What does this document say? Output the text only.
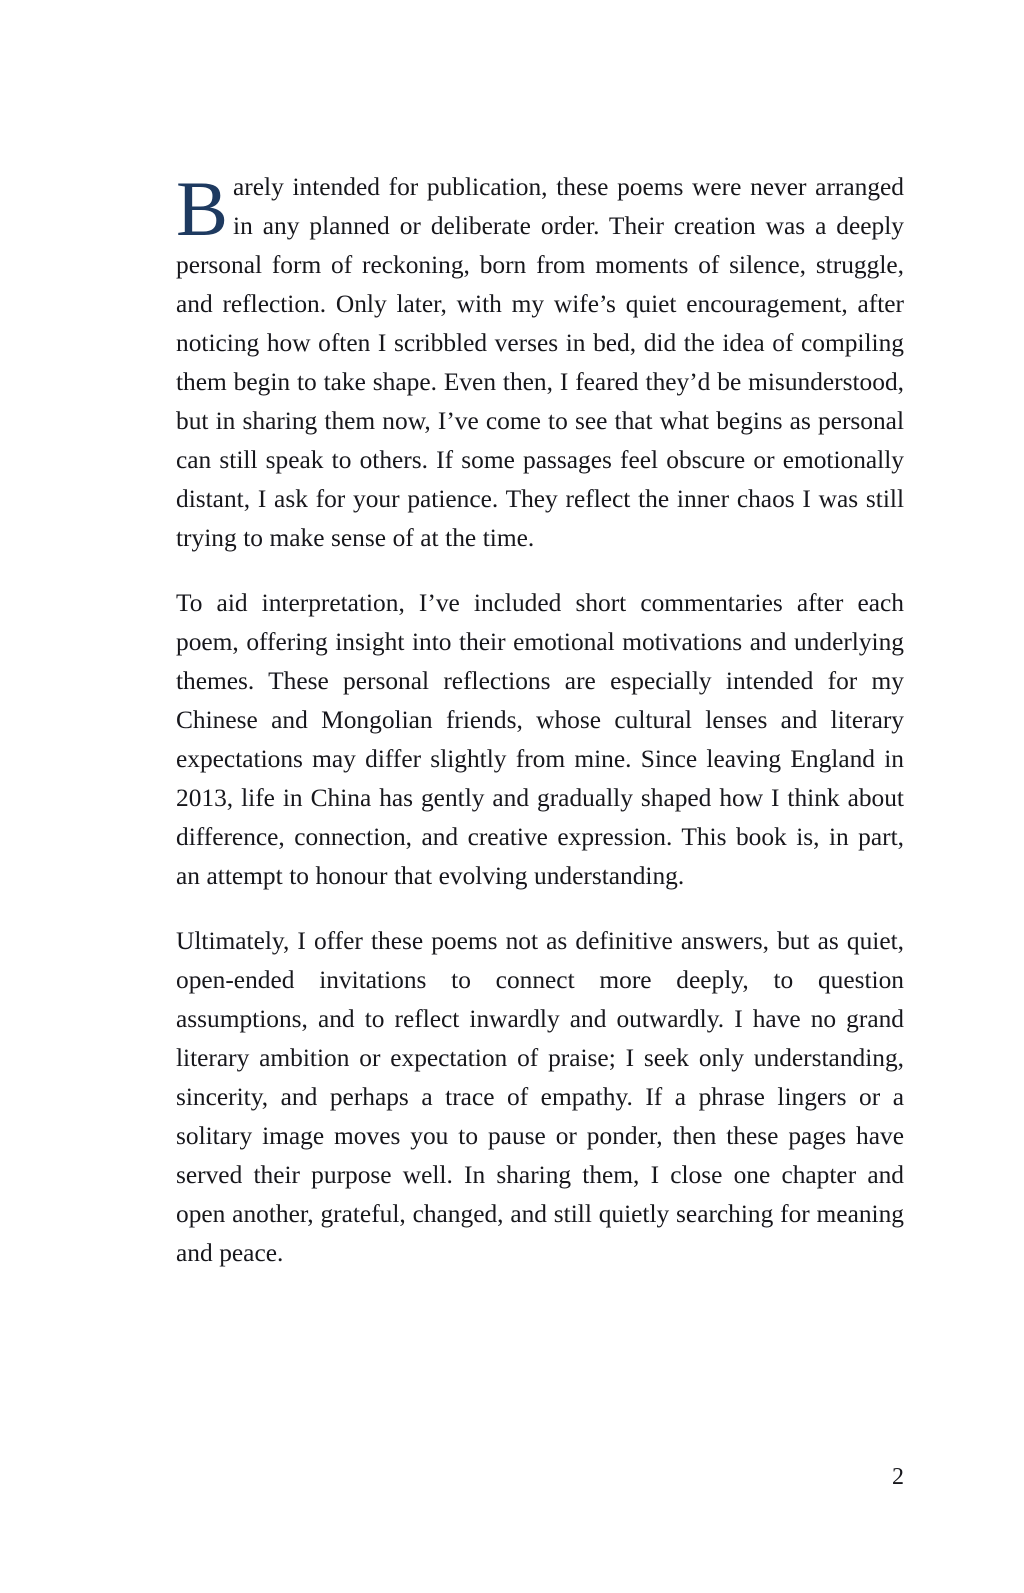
Barely intended for publication, these poems were never arranged in any planned or deliberate order. Their creation was a deeply personal form of reckoning, born from moments of silence, struggle, and reflection. Only later, with my wife’s quiet encouragement, after noticing how often I scribbled verses in bed, did the idea of compiling them begin to take shape. Even then, I feared they’d be misunderstood, but in sharing them now, I’ve come to see that what begins as personal can still speak to others. If some passages feel obscure or emotionally distant, I ask for your patience. They reflect the inner chaos I was still trying to make sense of at the time.

To aid interpretation, I’ve included short commentaries after each poem, offering insight into their emotional motivations and underlying themes. These personal reflections are especially intended for my Chinese and Mongolian friends, whose cultural lenses and literary expectations may differ slightly from mine. Since leaving England in 2013, life in China has gently and gradually shaped how I think about difference, connection, and creative expression. This book is, in part, an attempt to honour that evolving understanding.

Ultimately, I offer these poems not as definitive answers, but as quiet, open-ended invitations to connect more deeply, to question assumptions, and to reflect inwardly and outwardly. I have no grand literary ambition or expectation of praise; I seek only understanding, sincerity, and perhaps a trace of empathy. If a phrase lingers or a solitary image moves you to pause or ponder, then these pages have served their purpose well. In sharing them, I close one chapter and open another, grateful, changed, and still quietly searching for meaning and peace.

2
